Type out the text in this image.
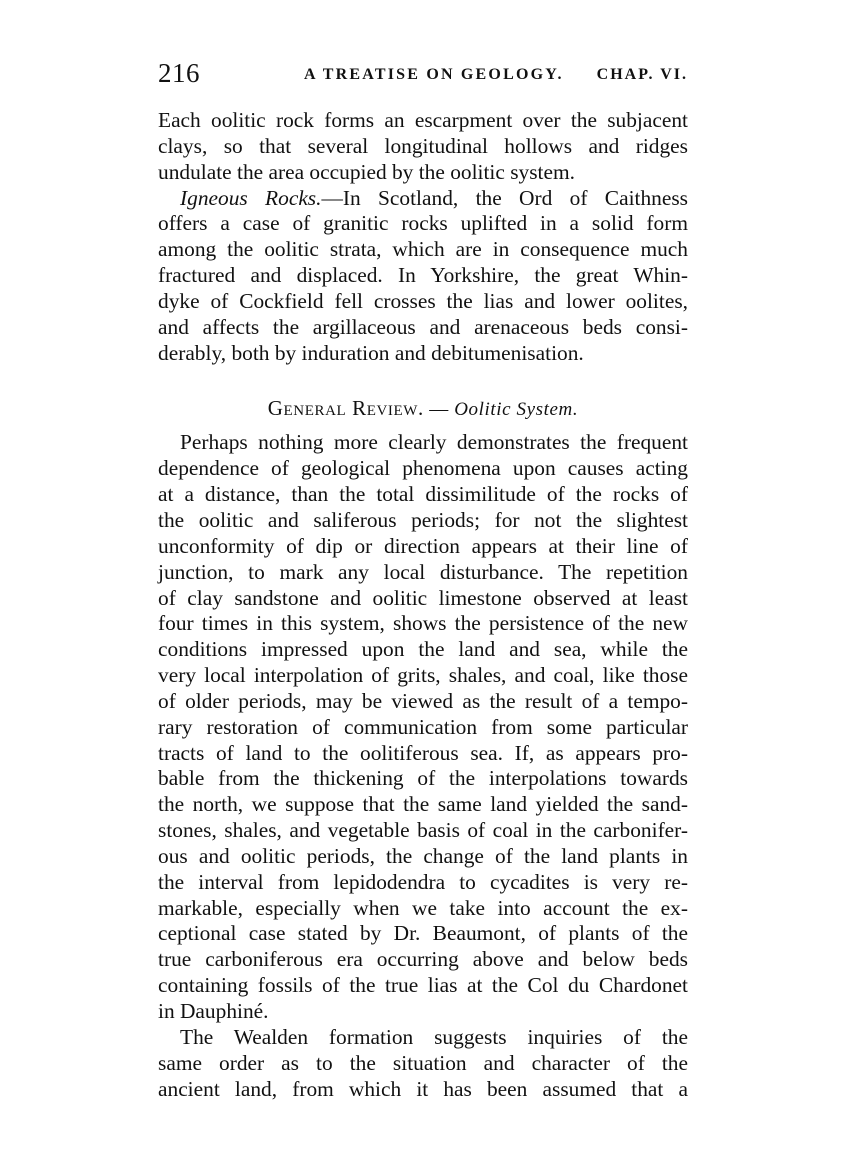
216	A TREATISE ON GEOLOGY. CHAP. VI.
Each oolitic rock forms an escarpment over the subjacent
clays, so that several longitudinal hollows and ridges
undulate the area occupied by the oolitic system.
Igneous Rocks.—In Scotland, the Ord of Caithness
offers a case of granitic rocks uplifted in a solid form
among the oolitic strata, which are in consequence much
fractured and displaced. In Yorkshire, the great Whin-
dyke of Cockfield fell crosses the lias and lower oolites,
and affects the argillaceous and arenaceous beds consi-
derably, both by induration and debitumenisation.
General Review. — Oolitic System.
Perhaps nothing more clearly demonstrates the frequent
dependence of geological phenomena upon causes acting
at a distance, than the total dissimilitude of the rocks of
the oolitic and saliferous periods; for not the slightest
unconformity of dip or direction appears at their line of
junction, to mark any local disturbance. The repetition
of clay sandstone and oolitic limestone observed at least
four times in this system, shows the persistence of the new
conditions impressed upon the land and sea, while the
very local interpolation of grits, shales, and coal, like those
of older periods, may be viewed as the result of a tempo-
rary restoration of communication from some particular
tracts of land to the oolitiferous sea. If, as appears pro-
bable from the thickening of the interpolations towards
the north, we suppose that the same land yielded the sand-
stones, shales, and vegetable basis of coal in the carbonifer-
ous and oolitic periods, the change of the land plants in
the interval from lepidodendra to cycadites is very re-
markable, especially when we take into account the ex-
ceptional case stated by Dr. Beaumont, of plants of the
true carboniferous era occurring above and below beds
containing fossils of the true lias at the Col du Chardonet
in Dauphiné.
The Wealden formation suggests inquiries of the
same order as to the situation and character of the
ancient land, from which it has been assumed that a
